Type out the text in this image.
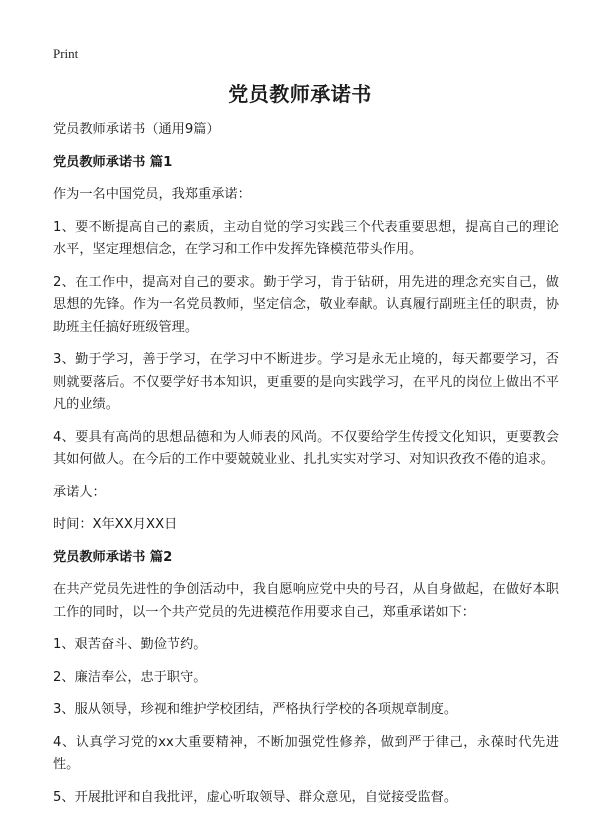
Print
党员教师承诺书

党员教师承诺书（通用9篇）

党员教师承诺书 篇1

作为一名中国党员，我郑重承诺：

1、要不断提高自己的素质，主动自觉的学习实践三个代表重要思想，提高自己的理论水平，坚定理想信念，在学习和工作中发挥先锋模范带头作用。

2、在工作中，提高对自己的要求。勤于学习，肯于钻研，用先进的理念充实自己，做思想的先锋。作为一名党员教师，坚定信念，敬业奉献。认真履行副班主任的职责，协助班主任搞好班级管理。

3、勤于学习，善于学习，在学习中不断进步。学习是永无止境的，每天都要学习，否则就要落后。不仅要学好书本知识，更重要的是向实践学习，在平凡的岗位上做出不平凡的业绩。

4、要具有高尚的思想品德和为人师表的风尚。不仅要给学生传授文化知识，更要教会其如何做人。在今后的工作中要兢兢业业、扎扎实实对学习、对知识孜孜不倦的追求。

承诺人：

时间：X年XX月XX日

党员教师承诺书 篇2

在共产党员先进性的争创活动中，我自愿响应党中央的号召，从自身做起，在做好本职工作的同时，以一个共产党员的先进模范作用要求自己，郑重承诺如下：

1、艰苦奋斗、勤俭节约。

2、廉洁奉公，忠于职守。

3、服从领导，珍视和维护学校团结，严格执行学校的各项规章制度。

4、认真学习党的xx大重要精神，不断加强党性修养，做到严于律己，永葆时代先进性。

5、开展批评和自我批评，虚心听取领导、群众意见，自觉接受监督。
